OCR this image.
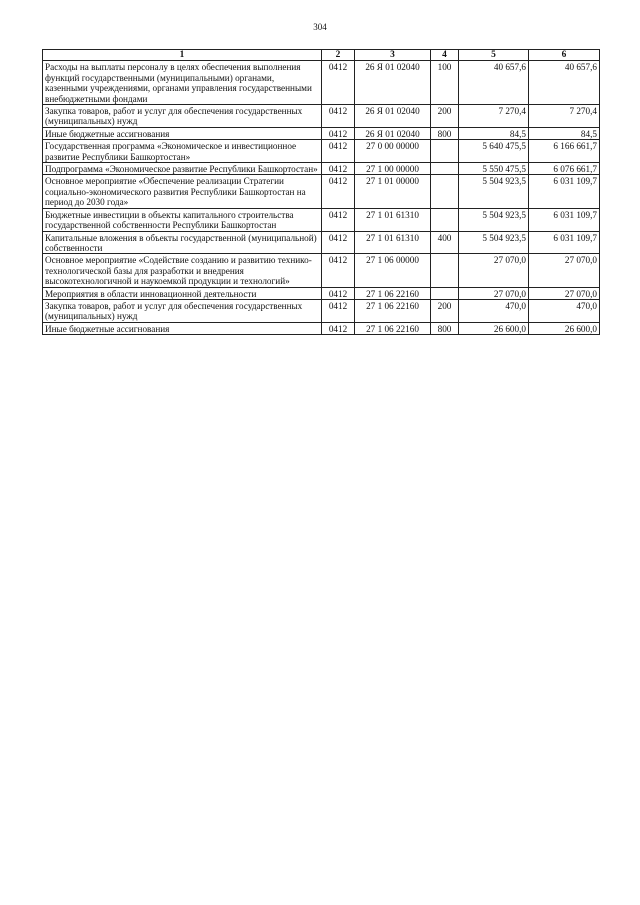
304
1	2	3	4	5	6
Расходы на выплаты персоналу в целях обеспечения выполнения функций государственными (муниципальными) органами, казенными учреждениями, органами управления государственными внебюджетными фондами	0412	26 Я 01 02040	100	40 657,6	40 657,6
Закупка товаров, работ и услуг для обеспечения государственных (муниципальных) нужд	0412	26 Я 01 02040	200	7 270,4	7 270,4
Иные бюджетные ассигнования	0412	26 Я 01 02040	800	84,5	84,5
Государственная программа «Экономическое и инвестиционное развитие Республики Башкортостан»	0412	27 0 00 00000		5 640 475,5	6 166 661,7
Подпрограмма «Экономическое развитие Республики Башкортостан»	0412	27 1 00 00000		5 550 475,5	6 076 661,7
Основное мероприятие «Обеспечение реализации Стратегии социально-экономического развития Республики Башкортостан на период до 2030 года»	0412	27 1 01 00000		5 504 923,5	6 031 109,7
Бюджетные инвестиции в объекты капитального строительства государственной собственности Республики Башкортостан	0412	27 1 01 61310		5 504 923,5	6 031 109,7
Капитальные вложения в объекты государственной (муниципальной) собственности	0412	27 1 01 61310	400	5 504 923,5	6 031 109,7
Основное мероприятие «Содействие созданию и развитию технико-технологической базы для разработки и внедрения высокотехнологичной и наукоемкой продукции и технологий»	0412	27 1 06 00000		27 070,0	27 070,0
Мероприятия в области инновационной деятельности	0412	27 1 06 22160		27 070,0	27 070,0
Закупка товаров, работ и услуг для обеспечения государственных (муниципальных) нужд	0412	27 1 06 22160	200	470,0	470,0
Иные бюджетные ассигнования	0412	27 1 06 22160	800	26 600,0	26 600,0
